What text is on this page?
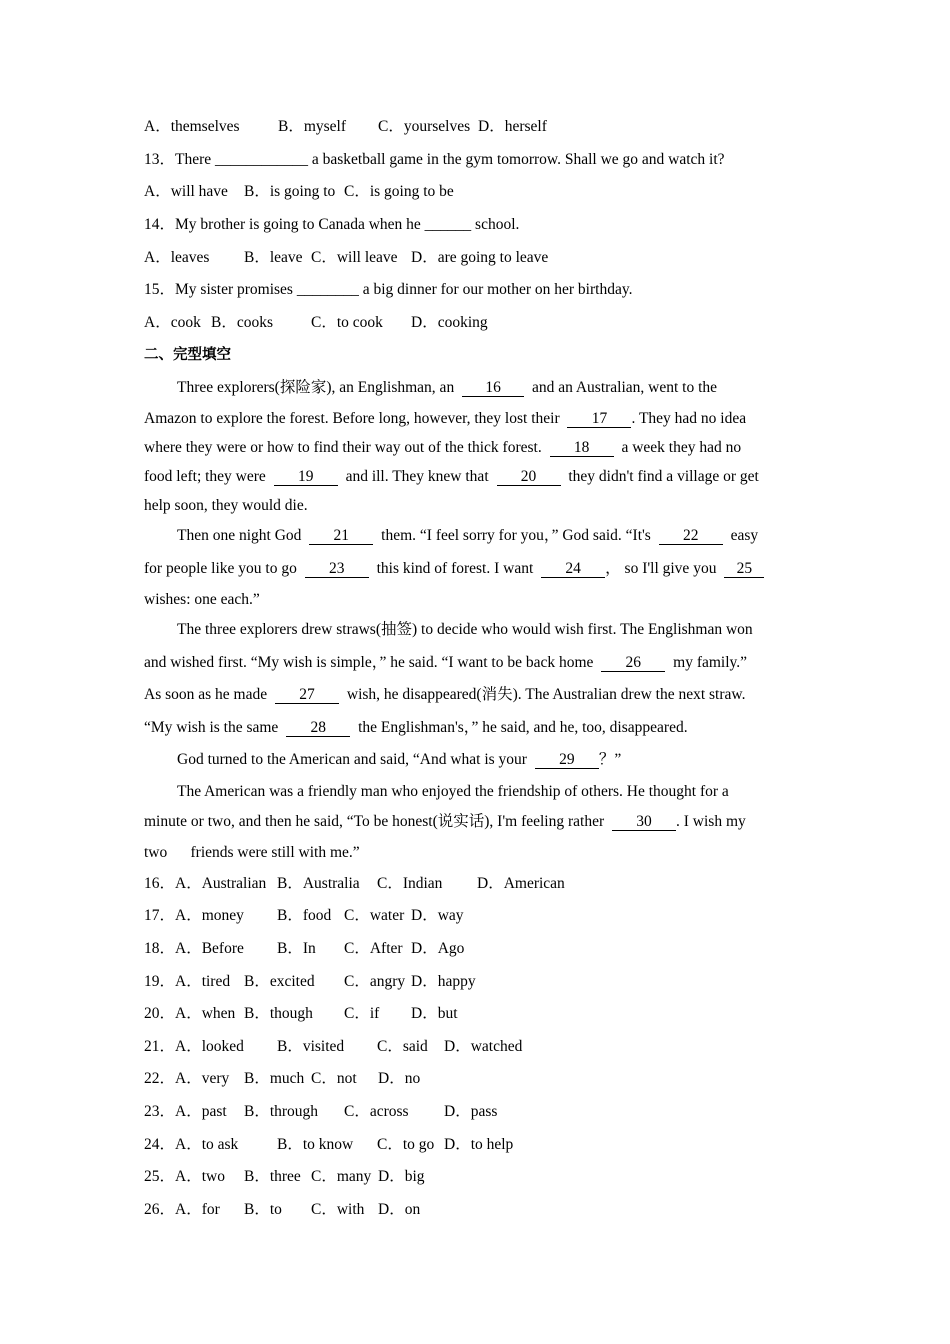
A．themselves B．myself C．yourselves D．herself
13．There ____________ a basketball game in the gym tomorrow. Shall we go and watch it?
A．will have B．is going to C．is going to be
14．My brother is going to Canada when he ______ school.
A．leaves B．leave C．will leave D．are going to leave
15．My sister promises ________ a big dinner for our mother on her birthday.
A．cook B．cooks C．to cook D．cooking
二、完型填空
Three explorers(探险家), an Englishman, an 16 and an Australian, went to the
Amazon to explore the forest. Before long, however, they lost their 17 . They had no idea
where they were or how to find their way out of the thick forest. 18 a week they had no
food left; they were 19 and ill. They knew that 20 they didn't find a village or get
help soon, they would die.
Then one night God 21 them. “I feel sorry for you，” God said. “It's 22 easy
for people like you to go 23 this kind of forest. I want 24 ， so I'll give you 25
wishes: one each.”
The three explorers drew straws(抽签) to decide who would wish first. The Englishman won
and wished first. “My wish is simple，” he said. “I want to be back home 26 my family.”
As soon as he made 27 wish, he disappeared(消失). The Australian drew the next straw.
“My wish is the same 28 the Englishman's，” he said, and he, too, disappeared.
God turned to the American and said, “And what is your 29 ？”
The American was a friendly man who enjoyed the friendship of others. He thought for a
minute or two, and then he said, “To be honest(说实话), I'm feeling rather 30 . I wish my
two      friends were still with me.”
16．A．Australian B．Australia C．Indian D．American
17．A．money B．food C．water D．way
18．A．Before B．In C．After D．Ago
19．A．tired B．excited C．angry D．happy
20．A．when B．though C．if D．but
21．A．looked B．visited C．said D．watched
22．A．very B．much C．not D．no
23．A．past B．through C．across D．pass
24．A．to ask B．to know C．to go D．to help
25．A．two B．three C．many D．big
26．A．for B．to C．with D．on
